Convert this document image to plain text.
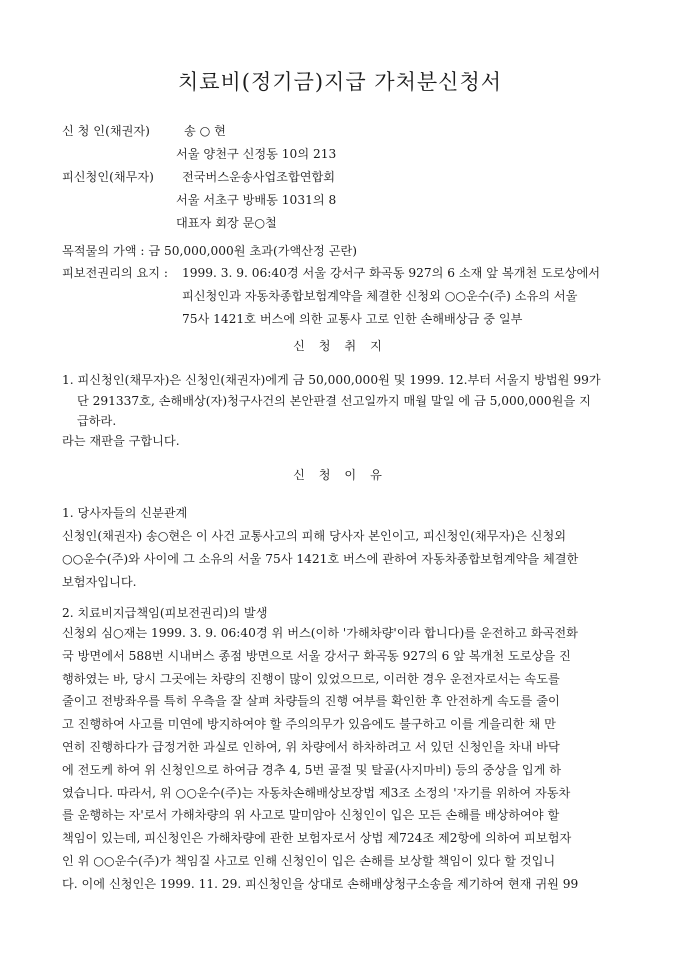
치료비(정기금)지급 가처분신청서
신 청 인(채권자)	송 ○ 현
서울 양천구 신정동 10의 213
피신청인(채무자) 전국버스운송사업조합연합회
서울 서초구 방배동 1031의 8
대표자 회장 문○철
목적물의 가액 : 금 50,000,000원 초과(가액산정 곤란)
피보전권리의 요지 : 1999. 3. 9. 06:40경 서울 강서구 화곡동 927의 6 소재 앞 복개천 도로상에서
피신청인과 자동차종합보험계약을 체결한 신청외 ○○운수(주) 소유의 서울
75사 1421호 버스에 의한 교통사 고로 인한 손해배상금 중 일부
신 청 취 지
1. 피신청인(채무자)은 신청인(채권자)에게 금 50,000,000원 및 1999. 12.부터 서울지 방법원 99가
단 291337호, 손해배상(자)청구사건의 본안판결 선고일까지 매월 말일 에 금 5,000,000원을 지
급하라.
라는 재판을 구합니다.
신 청 이 유
1. 당사자들의 신분관계
신청인(채권자) 송○현은 이 사건 교통사고의 피해 당사자 본인이고, 피신청인(채무자)은 신청외
○○운수(주)와 사이에 그 소유의 서울 75사 1421호 버스에 관하여 자동차종합보험계약을 체결한
보험자입니다.
2. 치료비지급책임(피보전권리)의 발생
신청외 심○재는 1999. 3. 9. 06:40경 위 버스(이하 '가해차량'이라 합니다)를 운전하고 화곡전화
국 방면에서 588번 시내버스 종점 방면으로 서울 강서구 화곡동 927의 6 앞 복개천 도로상을 진
행하였는 바, 당시 그곳에는 차량의 진행이 많이 있었으므로, 이러한 경우 운전자로서는 속도를
줄이고 전방좌우를 특히 우측을 잘 살펴 차량들의 진행 여부를 확인한 후 안전하게 속도를 줄이
고 진행하여 사고를 미연에 방지하여야 할 주의의무가 있음에도 불구하고 이를 게을리한 채 만
연히 진행하다가 급정거한 과실로 인하여, 위 차량에서 하차하려고 서 있던 신청인을 차내 바닥
에 전도케 하여 위 신청인으로 하여금 경추 4, 5번 골절 및 탈골(사지마비) 등의 중상을 입게 하
였습니다. 따라서, 위 ○○운수(주)는 자동차손해배상보장법 제3조 소정의 '자기를 위하여 자동차
를 운행하는 자'로서 가해차량의 위 사고로 말미암아 신청인이 입은 모든 손해를 배상하여야 할
책임이 있는데, 피신청인은 가해차량에 관한 보험자로서 상법 제724조 제2항에 의하여 피보험자
인 위 ○○운수(주)가 책임질 사고로 인해 신청인이 입은 손해를 보상할 책임이 있다 할 것입니
다. 이에 신청인은 1999. 11. 29. 피신청인을 상대로 손해배상청구소송을 제기하여 현재 귀원 99
